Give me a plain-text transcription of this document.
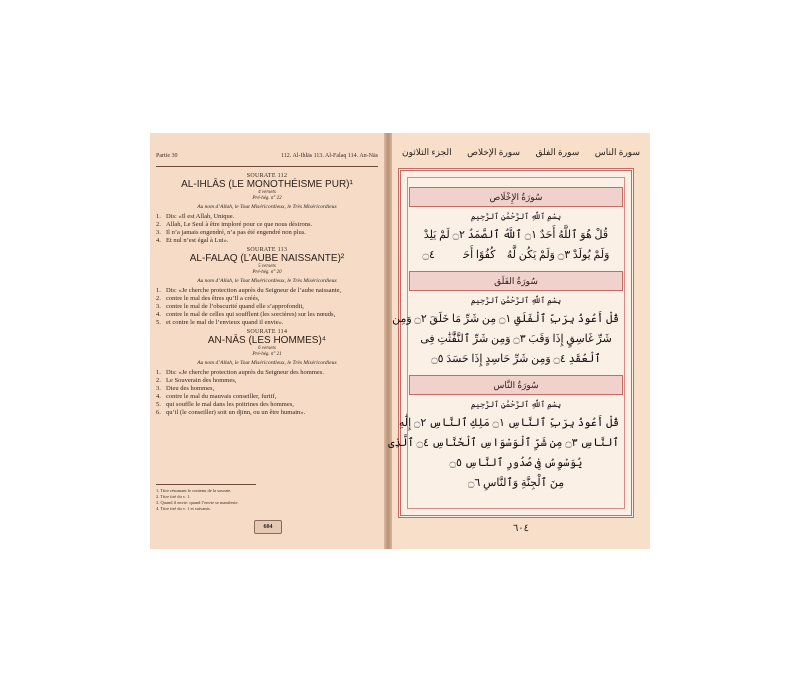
Partie 30	112. Al-Ihlās 113. Al-Falaq 114. An-Nās
SOURATE 112
AL-IHLĀS (LE MONOTHÉISME PUR)¹
4 versets
Pré-hég. n° 22
Au nom d’Allah, le Tout Miséricordieux, le Très Miséricordieux
1. Dis: «Il est Allah, Unique.
2. Allah, Le Seul à être imploré pour ce que nous désirons.
3. Il n’a jamais engendré, n’a pas été engendré non plus.
4. Et nul n’est égal à Lui».
SOURATE 113
AL-FALAQ (L’AUBE NAISSANTE)²
5 versets
Pré-hég. n° 20
Au nom d’Allah, le Tout Miséricordieux, le Très Miséricordieux
1. Dis: «Je cherche protection auprès du Seigneur de l’aube naissante,
2. contre le mal des êtres qu’Il a créés,
3. contre le mal de l’obscurité quand elle s’approfondit,
4. contre le mal de celles qui soufflent (les sorcières) sur les nœuds,
5. et contre le mal de l’envieux quand il envie».
SOURATE 114
AN-NĀS (LES HOMMES)⁴
6 versets
Pré-hég. n° 21
Au nom d’Allah, le Tout Miséricordieux, le Très Miséricordieux
1. Dis: «Je cherche protection auprès du Seigneur des hommes.
2. Le Souverain des hommes,
3. Dieu des hommes,
4. contre le mal du mauvais conseiller, furtif,
5. qui souffle le mal dans les poitrines des hommes,
6. qu’il (le conseiller) soit un djinn, ou un être humain».
1. Titre résumant le contenu de la sourate.
2. Titre tiré du v. 1.
3. Quand il envie: quand l’envie se manifeste.
4. Titre tiré du v. 1 et suivants.
604
سورة الناس
سورة الفلق
سورة الإخلاص
الجزء الثلاثون
سُورَةُ الإِخْلَاص
بِسْمِ ٱللَّهِ ٱلرَّحْمَٰنِ ٱلرَّحِيمِ
قُلْ هُوَ ٱللَّهُ أَحَدٌ ۝١ ٱللَّهُ ٱلصَّمَدُ ۝٢ لَمْ يَلِدْ
وَلَمْ يُولَدْ ۝٣ وَلَمْ يَكُن لَّهُۥ كُفُوًا أَحَدٌۢ ۝٤
سُورَةُ الفَلَق
بِسْمِ ٱللَّهِ ٱلرَّحْمَٰنِ ٱلرَّحِيمِ
قُلْ أَعُوذُ بِرَبِّ ٱلْفَلَقِ ۝١ مِن شَرِّ مَا خَلَقَ ۝٢ وَمِن
شَرِّ غَاسِقٍ إِذَا وَقَبَ ۝٣ وَمِن شَرِّ ٱلنَّفَّٰثَٰتِ فِى
ٱلْعُقَدِ ۝٤ وَمِن شَرِّ حَاسِدٍ إِذَا حَسَدَ ۝٥
سُورَةُ النَّاس
بِسْمِ ٱللَّهِ ٱلرَّحْمَٰنِ ٱلرَّحِيمِ
قُلْ أَعُوذُ بِرَبِّ ٱلنَّاسِ ۝١ مَلِكِ ٱلنَّاسِ ۝٢ إِلَٰهِ
ٱلنَّاسِ ۝٣ مِن شَرِّ ٱلْوَسْوَاسِ ٱلْخَنَّاسِ ۝٤ ٱلَّذِى
يُوَسْوِسُ فِى صُدُورِ ٱلنَّاسِ ۝٥
مِنَ ٱلْجِنَّةِ وَٱلنَّاسِ ۝٦
٦٠٤
